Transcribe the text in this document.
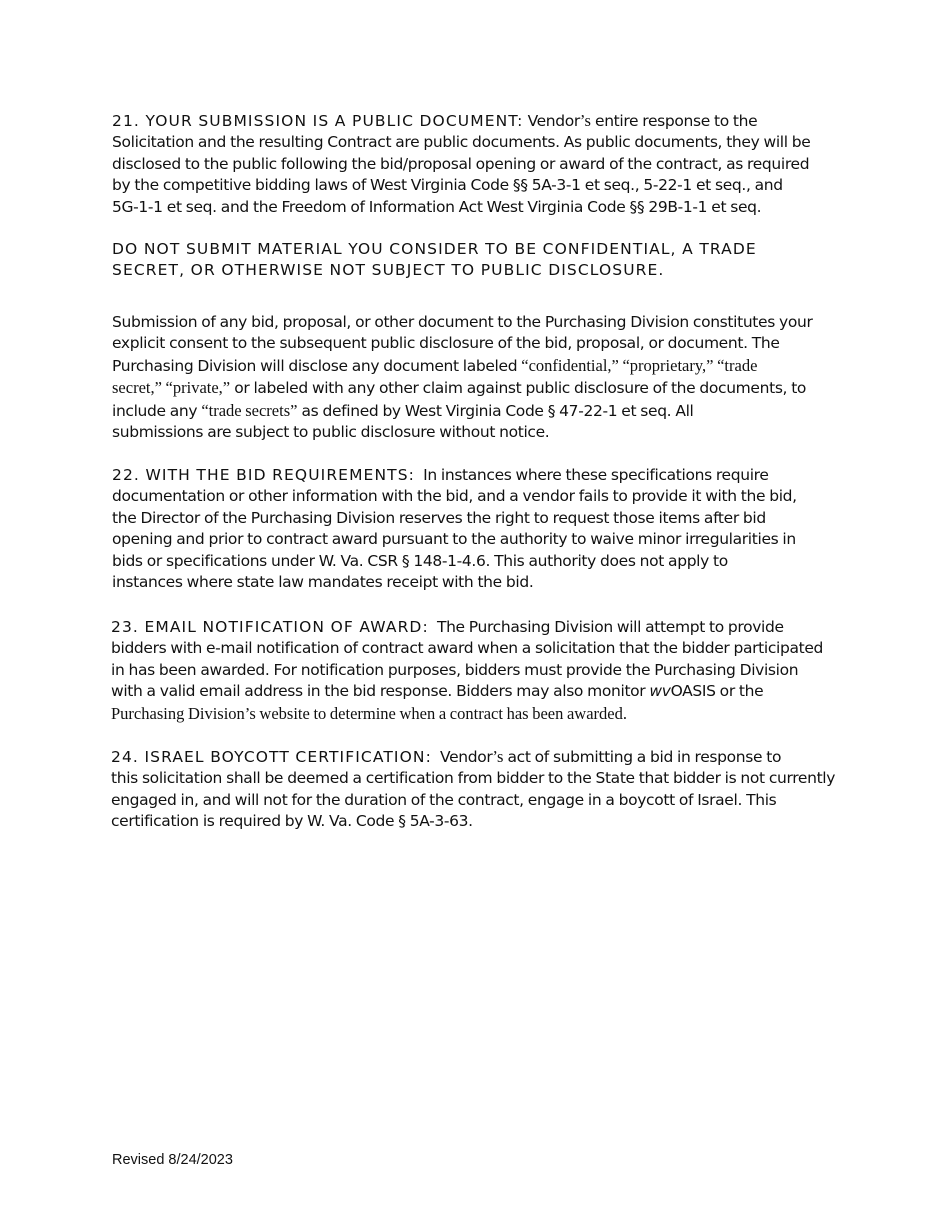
21. YOUR SUBMISSION IS A PUBLIC DOCUMENT: Vendor’s entire response to the
Solicitation and the resulting Contract are public documents. As public documents, they will be
disclosed to the public following the bid/proposal opening or award of the contract, as required
by the competitive bidding laws of West Virginia Code §§ 5A-3-1 et seq., 5-22-1 et seq., and
5G-1-1 et seq. and the Freedom of Information Act West Virginia Code §§ 29B-1-1 et seq.
DO NOT SUBMIT MATERIAL YOU CONSIDER TO BE CONFIDENTIAL, A TRADE
SECRET, OR OTHERWISE NOT SUBJECT TO PUBLIC DISCLOSURE.
Submission of any bid, proposal, or other document to the Purchasing Division constitutes your
explicit consent to the subsequent public disclosure of the bid, proposal, or document. The
Purchasing Division will disclose any document labeled “confidential,” “proprietary,” “trade
secret,” “private,” or labeled with any other claim against public disclosure of the documents, to
include any “trade secrets” as defined by West Virginia Code § 47-22-1 et seq. All
submissions are subject to public disclosure without notice.
22. WITH THE BID REQUIREMENTS:  In instances where these specifications require
documentation or other information with the bid, and a vendor fails to provide it with the bid,
the Director of the Purchasing Division reserves the right to request those items after bid
opening and prior to contract award pursuant to the authority to waive minor irregularities in
bids or specifications under W. Va. CSR § 148-1-4.6. This authority does not apply to
instances where state law mandates receipt with the bid.
23. EMAIL NOTIFICATION OF AWARD:  The Purchasing Division will attempt to provide
bidders with e-mail notification of contract award when a solicitation that the bidder participated
in has been awarded. For notification purposes, bidders must provide the Purchasing Division
with a valid email address in the bid response. Bidders may also monitor wvOASIS or the
Purchasing Division’s website to determine when a contract has been awarded.
24. ISRAEL BOYCOTT CERTIFICATION:  Vendor’s act of submitting a bid in response to
this solicitation shall be deemed a certification from bidder to the State that bidder is not currently
engaged in, and will not for the duration of the contract, engage in a boycott of Israel. This
certification is required by W. Va. Code § 5A-3-63.

Revised 8/24/2023
